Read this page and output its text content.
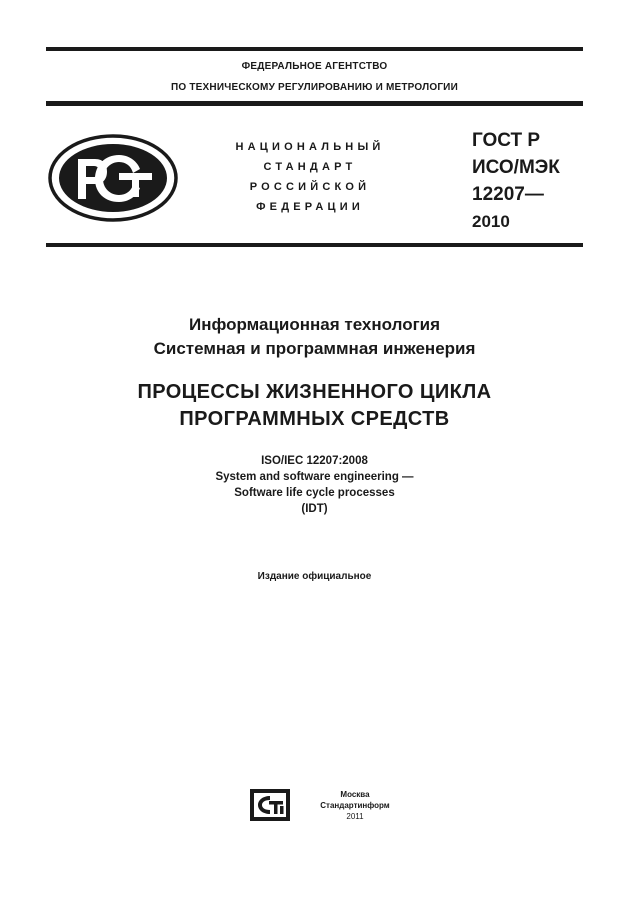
ФЕДЕРАЛЬНОЕ АГЕНТСТВО
ПО ТЕХНИЧЕСКОМУ РЕГУЛИРОВАНИЮ И МЕТРОЛОГИИ
НАЦИОНАЛЬНЫЙ
СТАНДАРТ
РОССИЙСКОЙ
ФЕДЕРАЦИИ
ГОСТ Р
ИСО/МЭК
12207—
2010
Информационная технология
Системная и программная инженерия
ПРОЦЕССЫ ЖИЗНЕННОГО ЦИКЛА
ПРОГРАММНЫХ СРЕДСТВ
ISO/IEC 12207:2008
System and software engineering —
Software life cycle processes
(IDT)
Издание официальное
Москва
Стандартинформ
2011
